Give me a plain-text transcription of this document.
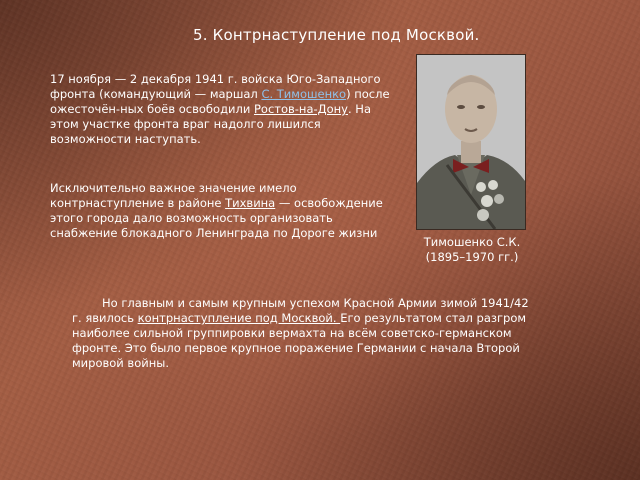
5. Контрнаступление под Москвой.
17 ноября — 2 декабря 1941 г. войска Юго-Западного фронта (командующий — маршал С. Тимошенко) после ожесточён-ных боёв освободили Ростов-на-Дону. На этом участке фронта враг надолго лишился возможности наступать.
Исключительно важное значение имело контрнаступление в районе Тихвина — освобождение этого города дало возможность организовать снабжение блокадного Ленинграда по Дороге жизни
Тимошенко С.К.
(1895–1970 гг.)
Но главным и самым крупным успехом Красной Армии зимой 1941/42 г. явилось контрнаступление под Москвой. Его результатом стал разгром наиболее сильной группировки вермахта на всём советско-германском фронте. Это было первое крупное поражение Германии с начала Второй мировой войны.
